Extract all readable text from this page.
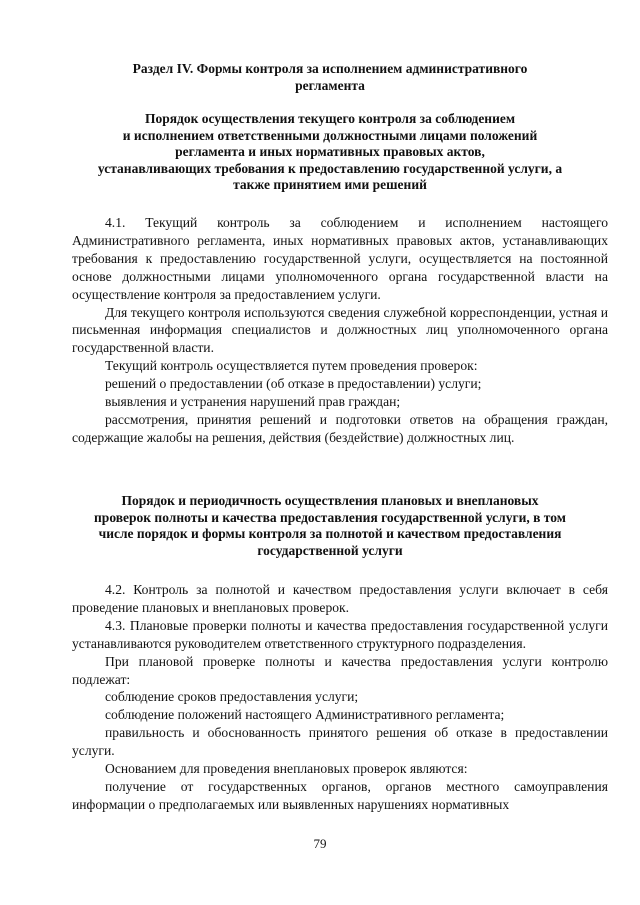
Раздел IV. Формы контроля за исполнением административного
регламента
Порядок осуществления текущего контроля за соблюдением
и исполнением ответственными должностными лицами положений
регламента и иных нормативных правовых актов,
устанавливающих требования к предоставлению государственной услуги, а
также принятием ими решений

4.1. Текущий контроль за соблюдением и исполнением настоящего Административного регламента, иных нормативных правовых актов, устанавливающих требования к предоставлению государственной услуги, осуществляется на постоянной основе должностными лицами уполномоченного органа государственной власти на осуществление контроля за предоставлением услуги.

Для текущего контроля используются сведения служебной корреспонденции, устная и письменная информация специалистов и должностных лиц уполномоченного органа государственной власти.

Текущий контроль осуществляется путем проведения проверок:

решений о предоставлении (об отказе в предоставлении) услуги;

выявления и устранения нарушений прав граждан;

рассмотрения, принятия решений и подготовки ответов на обращения граждан, содержащие жалобы на решения, действия (бездействие) должностных лиц.

Порядок и периодичность осуществления плановых и внеплановых
проверок полноты и качества предоставления государственной услуги, в том
числе порядок и формы контроля за полнотой и качеством предоставления
государственной услуги

4.2. Контроль за полнотой и качеством предоставления услуги включает в себя проведение плановых и внеплановых проверок.

4.3. Плановые проверки полноты и качества предоставления государственной услуги устанавливаются руководителем ответственного структурного подразделения.

При плановой проверке полноты и качества предоставления услуги контролю подлежат:

соблюдение сроков предоставления услуги;

соблюдение положений настоящего Административного регламента;

правильность и обоснованность принятого решения об отказе в предоставлении услуги.

Основанием для проведения внеплановых проверок являются:

получение от государственных органов, органов местного самоуправления информации о предполагаемых или выявленных нарушениях нормативных

79
